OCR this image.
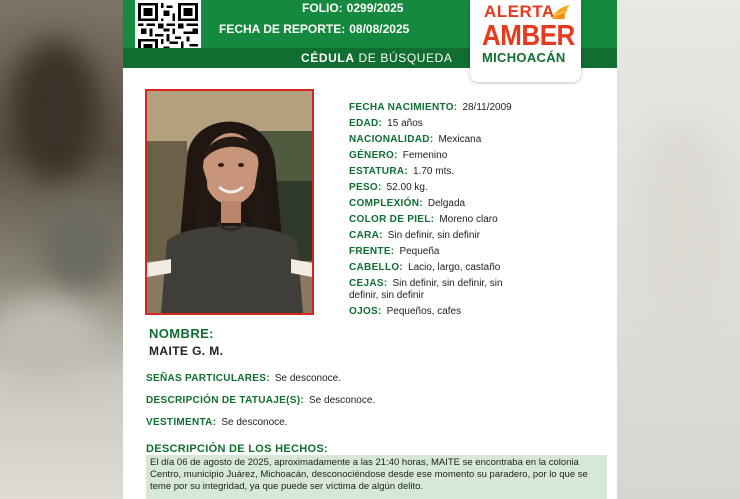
FOLIO: 0299/2025
FECHA DE REPORTE: 08/08/2025
CÉDULA DE BÚSQUEDA
ALERTA
AMBER
MICHOACÁN
FECHA NACIMIENTO: 28/11/2009
EDAD: 15 años
NACIONALIDAD: Mexicana
GÉNERO: Femenino
ESTATURA: 1.70 mts.
PESO: 52.00 kg.
COMPLEXIÓN: Delgada
COLOR DE PIEL: Moreno claro
CARA: Sin definir, sin definir
FRENTE: Pequeña
CABELLO: Lacio, largo, castaño
CEJAS: Sin definir, sin definir, sin
definir, sin definir
OJOS: Pequeños, cafes
NOMBRE:
MAITE G. M.
SEÑAS PARTICULARES: Se desconoce.
DESCRIPCIÓN DE TATUAJE(S): Se desconoce.
VESTIMENTA: Se desconoce.
DESCRIPCIÓN DE LOS HECHOS:
El día 06 de agosto de 2025, aproximadamente a las 21:40 horas, MAITE se encontraba en la colonia Centro, municipio Juárez, Michoacán, desconociéndose desde ese momento su paradero, por lo que se teme por su integridad, ya que puede ser víctima de algún delito.
